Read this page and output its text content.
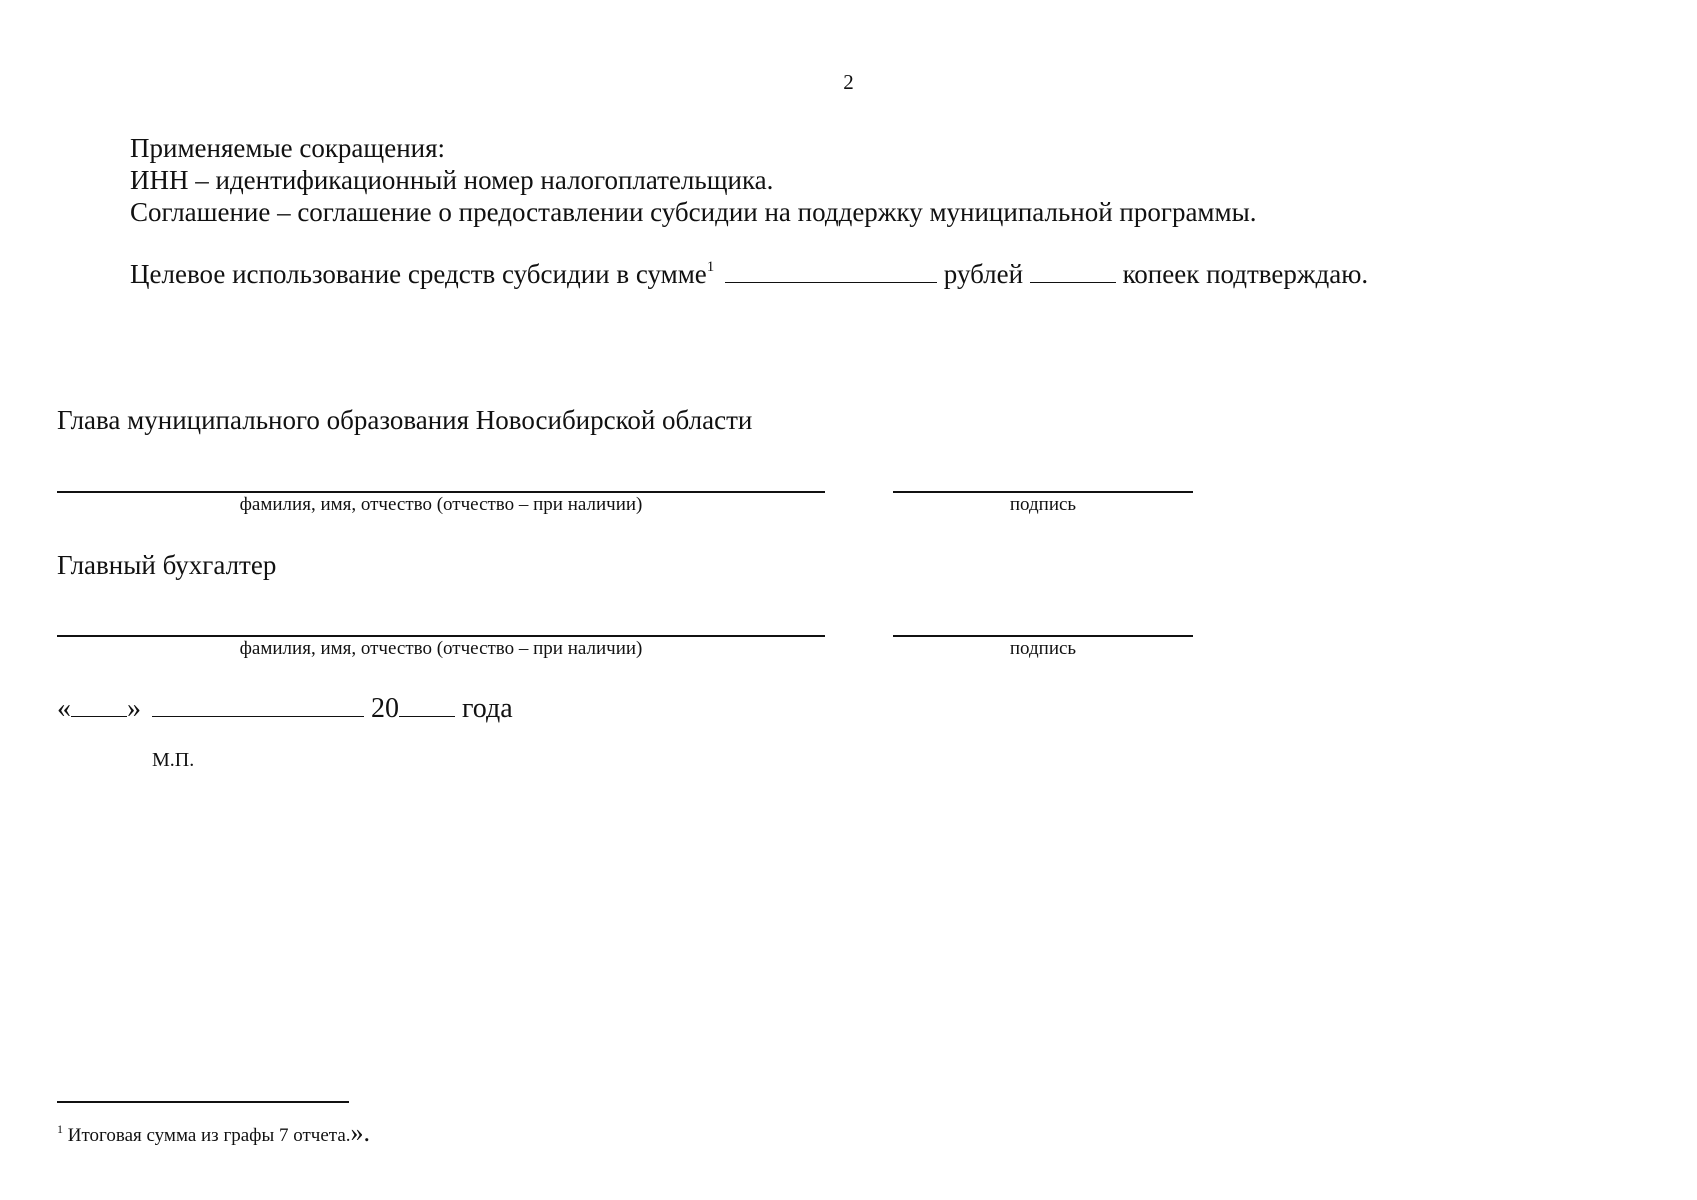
2
Применяемые сокращения:
ИНН – идентификационный номер налогоплательщика.
Соглашение – соглашение о предоставлении субсидии на поддержку муниципальной программы.
Целевое использование средств субсидии в сумме$^1$	рублей	копеек подтверждаю.
Глава муниципального образования Новосибирской области
фамилия, имя, отчество (отчество – при наличии)	подпись
Главный бухгалтер
фамилия, имя, отчество (отчество – при наличии)	подпись
« »	20 года
М.П.
$^1$ Итоговая сумма из графы 7 отчета.».
